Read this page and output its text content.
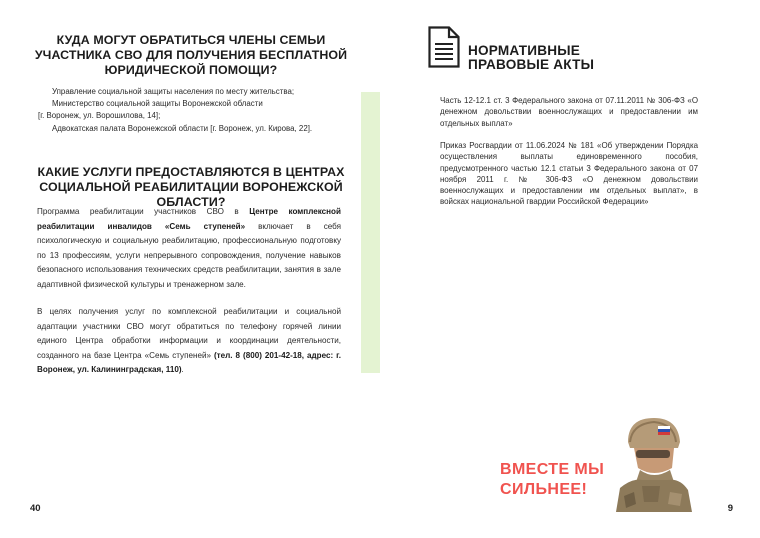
КУДА МОГУТ ОБРАТИТЬСЯ ЧЛЕНЫ СЕМЬИ УЧАСТНИКА СВО ДЛЯ ПОЛУЧЕНИЯ БЕСПЛАТНОЙ ЮРИДИЧЕСКОЙ ПОМОЩИ?
Управление социальной защиты населения по месту жительства;
Министерство социальной защиты Воронежской области
[г. Воронеж, ул. Ворошилова, 14];
Адвокатская палата Воронежской области [г. Воронеж, ул. Кирова, 22].
КАКИЕ УСЛУГИ ПРЕДОСТАВЛЯЮТСЯ В ЦЕНТРАХ СОЦИАЛЬНОЙ РЕАБИЛИТАЦИИ ВОРОНЕЖСКОЙ ОБЛАСТИ?
Программа реабилитации участников СВО в Центре комплексной реабилитации инвалидов «Семь ступеней» включает в себя психологическую и социальную реабилитацию, профессиональную подготовку по 13 профессиям, услуги непрерывного сопровождения, получение навыков безопасного использования технических средств реабилитации, занятия в зале адаптивной физической культуры и тренажерном зале.
В целях получения услуг по комплексной реабилитации и социальной адаптации участники СВО могут обратиться по телефону горячей линии единого Центра обработки информации и координации деятельности, созданного на базе Центра «Семь ступеней» (тел. 8 (800) 201-42-18, адрес: г. Воронеж, ул. Калининградская, 110).
40
НОРМАТИВНЫЕ
ПРАВОВЫЕ АКТЫ
Часть 12-12.1 ст. 3 Федерального закона от 07.11.2011 № 306-ФЗ «О денежном довольствии военнослужащих и предоставлении им отдельных выплат»
Приказ Росгвардии от 11.06.2024 № 181 «Об утверждении Порядка осуществления выплаты единовременного пособия, предусмотренного частью 12.1 статьи 3 Федерального закона от 07 ноября 2011 г. № 306-ФЗ «О денежном довольствии военнослужащих и предоставлении им отдельных выплат», в войсках национальной гвардии Российской Федерации»
ВМЕСТЕ МЫ
СИЛЬНЕЕ!
9
